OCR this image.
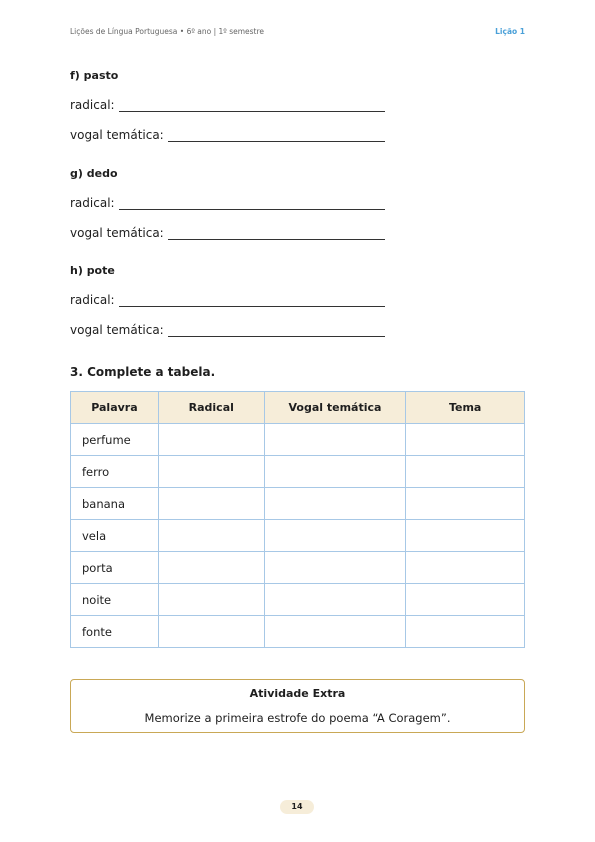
Lições de Língua Portuguesa • 6º ano | 1º semestre	Lição 1
f) pasto
radical:
vogal temática:
g) dedo
radical:
vogal temática:
h) pote
radical:
vogal temática:
3. Complete a tabela.
Palavra	Radical	Vogal temática	Tema
perfume			
ferro			
banana			
vela			
porta			
noite			
fonte			
Atividade Extra
Memorize a primeira estrofe do poema “A Coragem”.
14
